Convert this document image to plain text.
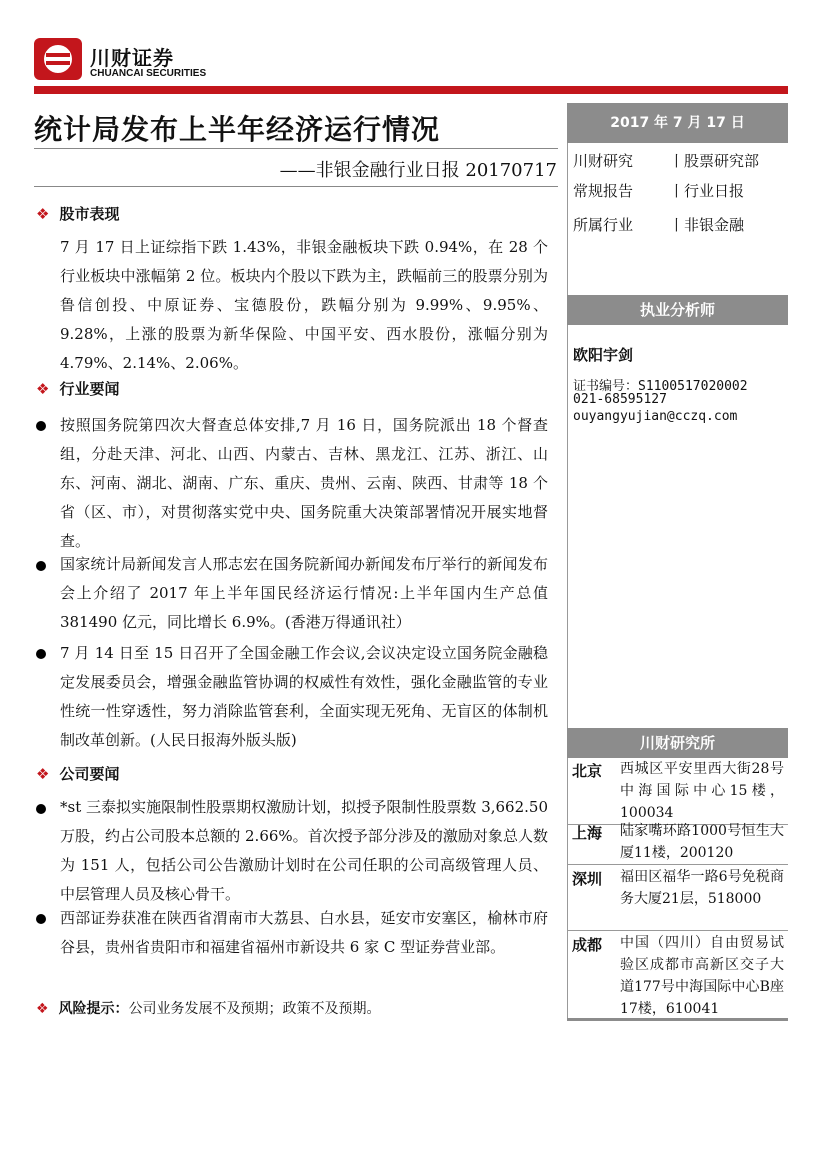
川财证券
CHUANCAI SECURITIES
统计局发布上半年经济运行情况
——非银金融行业日报 20170717
2017 年 7 月 17 日
川财研究 丨股票研究部
常规报告 丨行业日报
所属行业 丨非银金融
执业分析师
欧阳宇剑
证书编号：S1100517020002
021-68595127
ouyangyujian@cczq.com
川财研究所
北京 西城区平安里西大街28号中海国际中心15楼，100034
上海 陆家嘴环路1000号恒生大厦11楼，200120
深圳 福田区福华一路6号免税商务大厦21层，518000
成都 中国（四川）自由贸易试验区成都市高新区交子大道177号中海国际中心B座17楼，610041
❖ 股市表现
7 月 17 日上证综指下跌 1.43%，非银金融板块下跌 0.94%，在 28 个行业板块中涨幅第 2 位。板块内个股以下跌为主，跌幅前三的股票分别为鲁信创投、中原证券、宝德股份，跌幅分别为 9.99%、9.95%、9.28%，上涨的股票为新华保险、中国平安、西水股份，涨幅分别为 4.79%、2.14%、2.06%。
❖ 行业要闻
按照国务院第四次大督查总体安排,7 月 16 日，国务院派出 18 个督查组，分赴天津、河北、山西、内蒙古、吉林、黑龙江、江苏、浙江、山东、河南、湖北、湖南、广东、重庆、贵州、云南、陕西、甘肃等 18 个省（区、市），对贯彻落实党中央、国务院重大决策部署情况开展实地督查。
国家统计局新闻发言人邢志宏在国务院新闻办新闻发布厅举行的新闻发布会上介绍了 2017 年上半年国民经济运行情况:上半年国内生产总值 381490 亿元，同比增长 6.9%。(香港万得通讯社）
7 月 14 日至 15 日召开了全国金融工作会议,会议决定设立国务院金融稳定发展委员会，增强金融监管协调的权威性有效性，强化金融监管的专业性统一性穿透性，努力消除监管套利，全面实现无死角、无盲区的体制机制改革创新。(人民日报海外版头版)
❖ 公司要闻
*st 三泰拟实施限制性股票期权激励计划，拟授予限制性股票数 3,662.50 万股，约占公司股本总额的 2.66%。首次授予部分涉及的激励对象总人数为 151 人，包括公司公告激励计划时在公司任职的公司高级管理人员、中层管理人员及核心骨干。
西部证券获准在陕西省渭南市大荔县、白水县，延安市安塞区，榆林市府谷县，贵州省贵阳市和福建省福州市新设共 6 家 C 型证券营业部。
❖ 风险提示：公司业务发展不及预期；政策不及预期。
